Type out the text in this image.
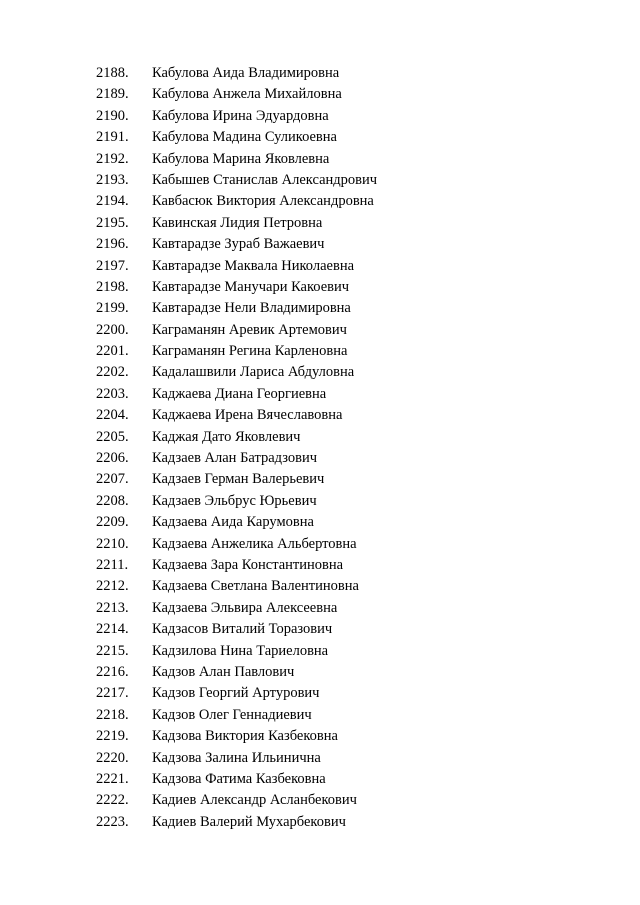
2188.	Кабулова Аида Владимировна
2189.	Кабулова Анжела Михайловна
2190.	Кабулова Ирина Эдуардовна
2191.	Кабулова Мадина Суликоевна
2192.	Кабулова Марина Яковлевна
2193.	Кабышев Станислав Александрович
2194.	Кавбасюк Виктория Александровна
2195.	Кавинская Лидия Петровна
2196.	Кавтарадзе Зураб Важаевич
2197.	Кавтарадзе Маквала Николаевна
2198.	Кавтарадзе Манучари Какоевич
2199.	Кавтарадзе Нели Владимировна
2200.	Каграманян Аревик Артемович
2201.	Каграманян Регина Карленовна
2202.	Кадалашвили Лариса Абдуловна
2203.	Каджаева Диана Георгиевна
2204.	Каджаева Ирена Вячеславовна
2205.	Каджая Дато Яковлевич
2206.	Кадзаев Алан Батрадзович
2207.	Кадзаев Герман Валерьевич
2208.	Кадзаев Эльбрус Юрьевич
2209.	Кадзаева Аида Карумовна
2210.	Кадзаева Анжелика Альбертовна
2211.	Кадзаева Зара Константиновна
2212.	Кадзаева Светлана Валентиновна
2213.	Кадзаева Эльвира Алексеевна
2214.	Кадзасов Виталий Торазович
2215.	Кадзилова Нина Тариеловна
2216.	Кадзов Алан Павлович
2217.	Кадзов Георгий Артурович
2218.	Кадзов Олег Геннадиевич
2219.	Кадзова Виктория Казбековна
2220.	Кадзова Залина Ильинична
2221.	Кадзова Фатима Казбековна
2222.	Кадиев Александр Асланбекович
2223.	Кадиев Валерий Мухарбекович
